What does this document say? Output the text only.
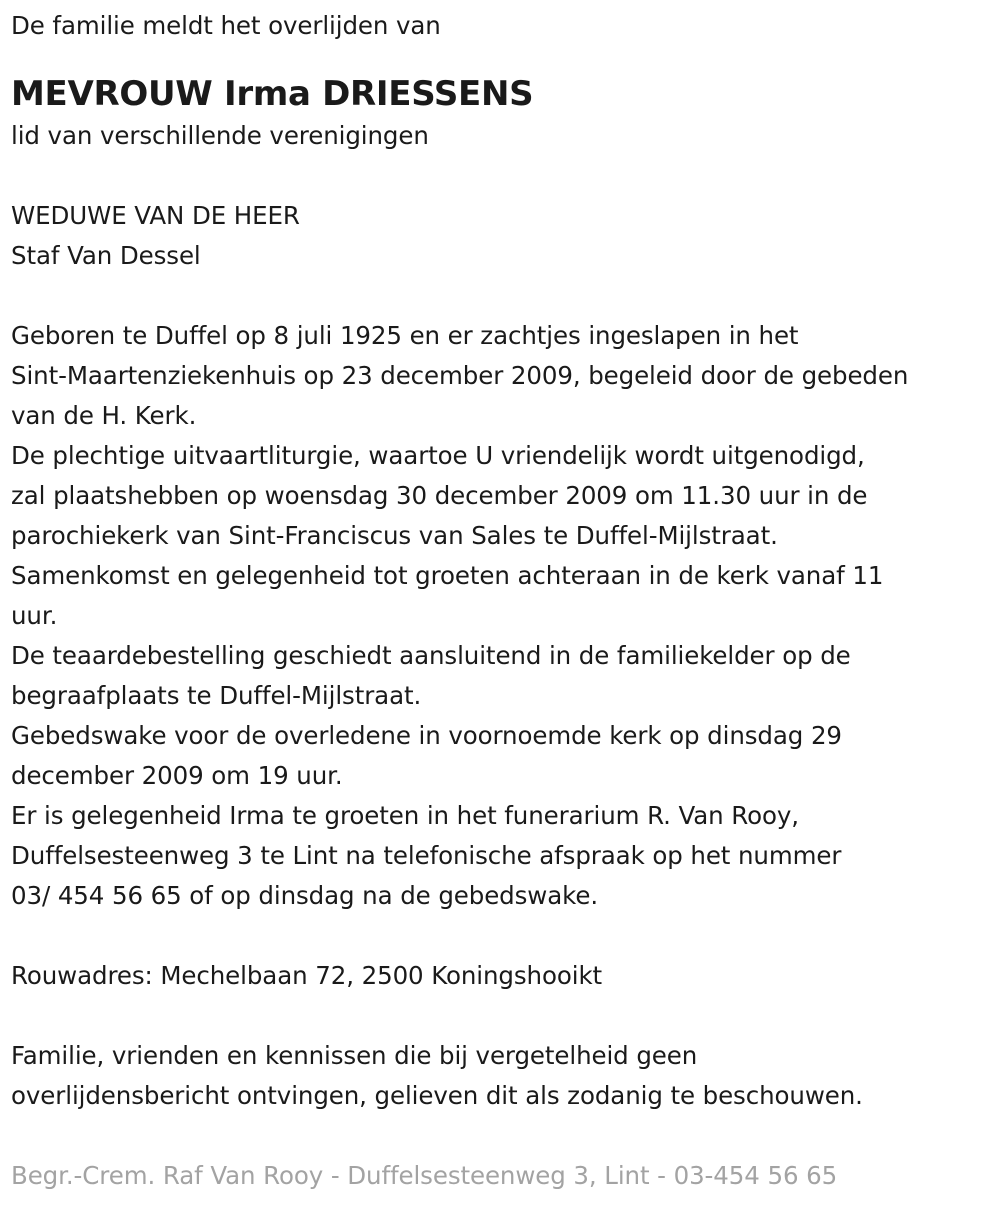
De familie meldt het overlijden van
MEVROUW Irma DRIESSENS
lid van verschillende verenigingen
WEDUWE VAN DE HEER
Staf Van Dessel
Geboren te Duffel op 8 juli 1925 en er zachtjes ingeslapen in het
Sint-Maartenziekenhuis op 23 december 2009, begeleid door de gebeden
van de H. Kerk.
De plechtige uitvaartliturgie, waartoe U vriendelijk wordt uitgenodigd,
zal plaatshebben op woensdag 30 december 2009 om 11.30 uur in de
parochiekerk van Sint-Franciscus van Sales te Duffel-Mijlstraat.
Samenkomst en gelegenheid tot groeten achteraan in de kerk vanaf 11
uur.
De teaardebestelling geschiedt aansluitend in de familiekelder op de
begraafplaats te Duffel-Mijlstraat.
Gebedswake voor de overledene in voornoemde kerk op dinsdag 29
december 2009 om 19 uur.
Er is gelegenheid Irma te groeten in het funerarium R. Van Rooy,
Duffelsesteenweg 3 te Lint na telefonische afspraak op het nummer
03/ 454 56 65 of op dinsdag na de gebedswake.
Rouwadres: Mechelbaan 72, 2500 Koningshooikt
Familie, vrienden en kennissen die bij vergetelheid geen
overlijdensbericht ontvingen, gelieven dit als zodanig te beschouwen.
Begr.-Crem. Raf Van Rooy - Duffelsesteenweg 3, Lint - 03-454 56 65
